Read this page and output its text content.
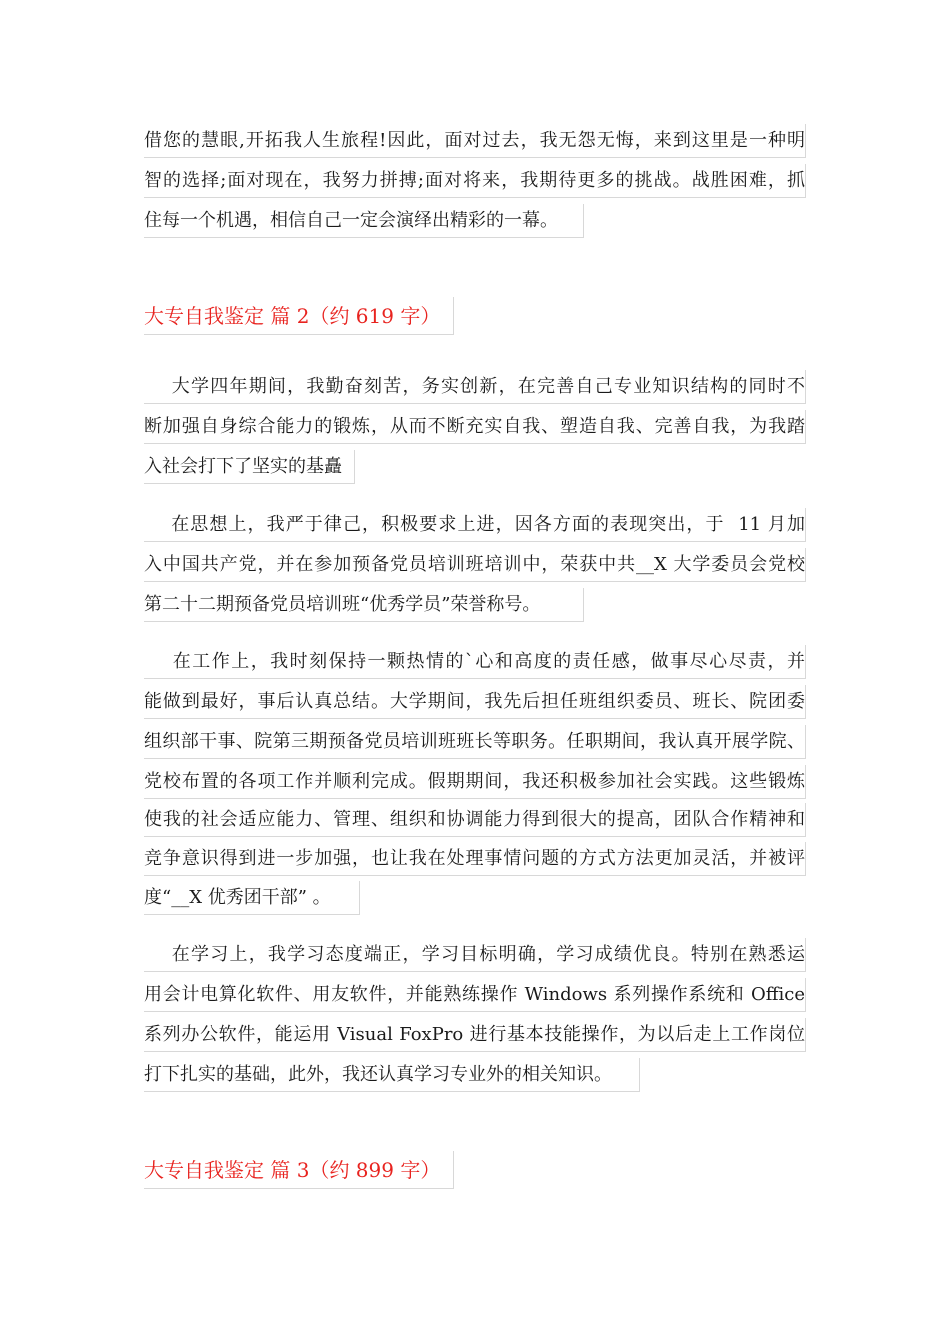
借您的慧眼,开拓我人生旅程!因此，面对过去，我无怨无悔，来到这里是一种明
智的选择;面对现在，我努力拼搏;面对将来，我期待更多的挑战。战胜困难，抓
住每一个机遇，相信自己一定会演绎出精彩的一幕。
大专自我鉴定 篇 2（约 619 字）
大学四年期间，我勤奋刻苦，务实创新，在完善自己专业知识结构的同时不
断加强自身综合能力的锻炼，从而不断充实自我、塑造自我、完善自我，为我踏
入社会打下了坚实的基矗
在思想上，我严于律己，积极要求上进，因各方面的表现突出，于  11 月加
入中国共产党，并在参加预备党员培训班培训中，荣获中共__X 大学委员会党校
第二十二期预备党员培训班“优秀学员”荣誉称号。
在工作上，我时刻保持一颗热情的`心和高度的责任感，做事尽心尽责，并
能做到最好，事后认真总结。大学期间，我先后担任班组织委员、班长、院团委
组织部干事、院第三期预备党员培训班班长等职务。任职期间，我认真开展学院、
党校布置的各项工作并顺利完成。假期期间，我还积极参加社会实践。这些锻炼
使我的社会适应能力、管理、组织和协调能力得到很大的提高，团队合作精神和
竞争意识得到进一步加强，也让我在处理事情问题的方式方法更加灵活，并被评
度“__X 优秀团干部” 。
在学习上，我学习态度端正，学习目标明确，学习成绩优良。特别在熟悉运
用会计电算化软件、用友软件，并能熟练操作 Windows 系列操作系统和 Office
系列办公软件，能运用 Visual FoxPro 进行基本技能操作，为以后走上工作岗位
打下扎实的基础，此外，我还认真学习专业外的相关知识。
大专自我鉴定 篇 3（约 899 字）
